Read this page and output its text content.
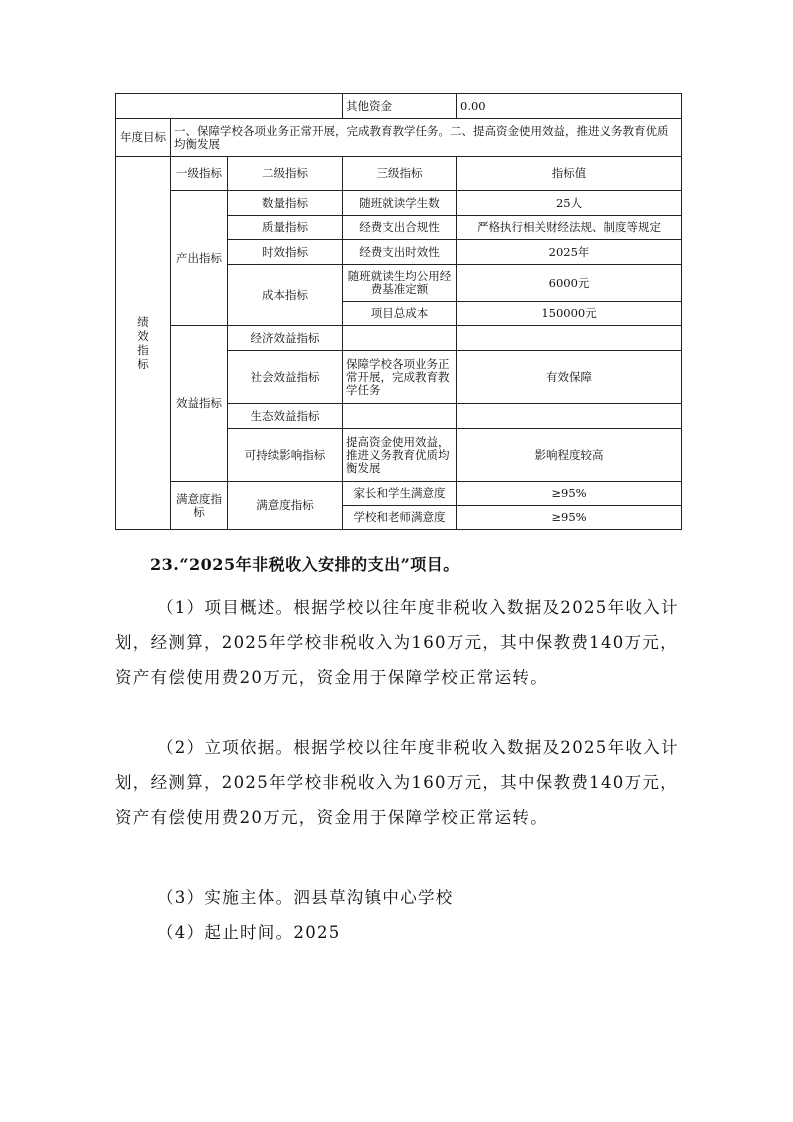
			其他资金	0.00
年度目标	一、保障学校各项业务正常开展，完成教育教学任务。二、提高资金使用效益，推进义务教育优质均衡发展			
绩效指标	一级指标	二级指标	三级指标	指标值
	产出指标	数量指标	随班就读学生数	25人
		质量指标	经费支出合规性	严格执行相关财经法规、制度等规定
		时效指标	经费支出时效性	2025年
		成本指标	随班就读生均公用经费基准定额	6000元
			项目总成本	150000元
	效益指标	经济效益指标		
		社会效益指标	保障学校各项业务正常开展，完成教育教学任务	有效保障
		生态效益指标		
		可持续影响指标	提高资金使用效益，推进义务教育优质均衡发展	影响程度较高
	满意度指标	满意度指标	家长和学生满意度	≥95%
			学校和老师满意度	≥95%
23.“2025年非税收入安排的支出”项目。
（1）项目概述。根据学校以往年度非税收入数据及2025年收入计划，经测算，2025年学校非税收入为160万元，其中保教费140万元，资产有偿使用费20万元，资金用于保障学校正常运转。
（2）立项依据。根据学校以往年度非税收入数据及2025年收入计划，经测算，2025年学校非税收入为160万元，其中保教费140万元，资产有偿使用费20万元，资金用于保障学校正常运转。
（3）实施主体。泗县草沟镇中心学校
（4）起止时间。2025
